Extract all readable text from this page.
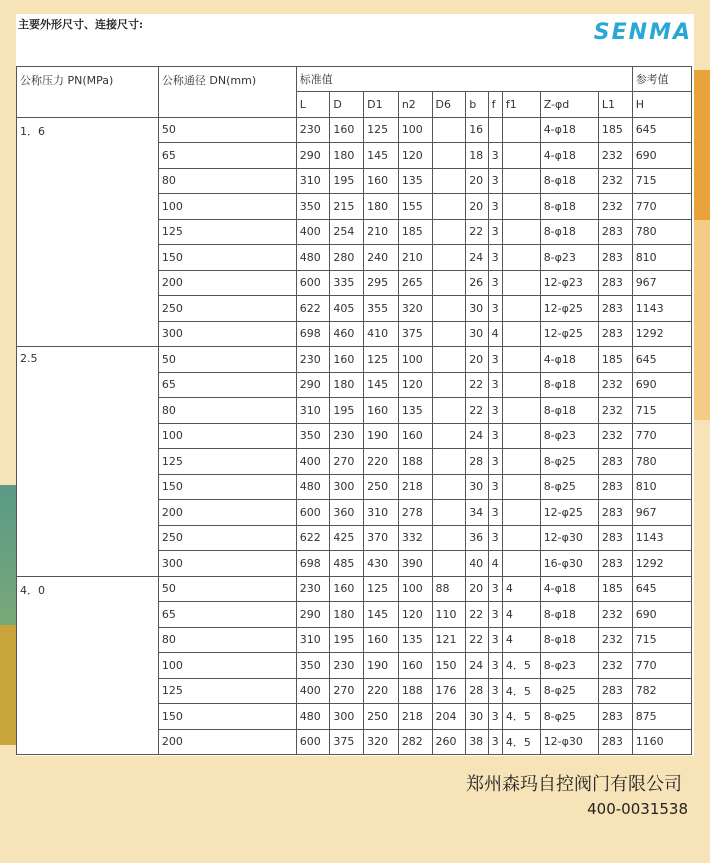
主要外形尺寸、连接尺寸:	SENMA
公称压力 PN(MPa)	公称通径 DN(mm)	标准值										参考值
		L	D	D1	n2	D6	b	f	f1	Z-φd	L1	H
1．6	50	230	160	125	100		16			4-φ18	185	645
	65	290	180	145	120		18	3		4-φ18	232	690
	80	310	195	160	135		20	3		8-φ18	232	715
	100	350	215	180	155		20	3		8-φ18	232	770
	125	400	254	210	185		22	3		8-φ18	283	780
	150	480	280	240	210		24	3		8-φ23	283	810
	200	600	335	295	265		26	3		12-φ23	283	967
	250	622	405	355	320		30	3		12-φ25	283	1143
	300	698	460	410	375		30	4		12-φ25	283	1292
2.5	50	230	160	125	100		20	3		4-φ18	185	645
	65	290	180	145	120		22	3		8-φ18	232	690
	80	310	195	160	135		22	3		8-φ18	232	715
	100	350	230	190	160		24	3		8-φ23	232	770
	125	400	270	220	188		28	3		8-φ25	283	780
	150	480	300	250	218		30	3		8-φ25	283	810
	200	600	360	310	278		34	3		12-φ25	283	967
	250	622	425	370	332		36	3		12-φ30	283	1143
	300	698	485	430	390		40	4		16-φ30	283	1292
4．0	50	230	160	125	100	88	20	3	4	4-φ18	185	645
	65	290	180	145	120	110	22	3	4	8-φ18	232	690
	80	310	195	160	135	121	22	3	4	8-φ18	232	715
	100	350	230	190	160	150	24	3	4．5	8-φ23	232	770
	125	400	270	220	188	176	28	3	4．5	8-φ25	283	782
	150	480	300	250	218	204	30	3	4．5	8-φ25	283	875
	200	600	375	320	282	260	38	3	4．5	12-φ30	283	1160
郑州森玛自控阀门有限公司
400-0031538
